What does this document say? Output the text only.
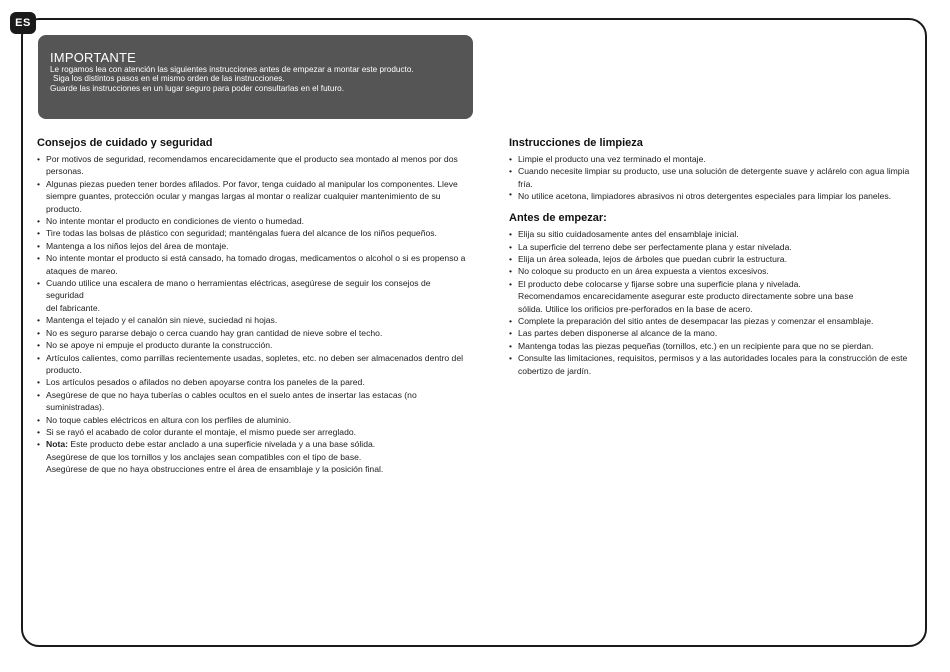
ES
IMPORTANTE

Le rogamos lea con atención las siguientes instrucciones antes de empezar a montar este producto.

Siga los distintos pasos en el mismo orden de las instrucciones.

Guarde las instrucciones en un lugar seguro para poder consultarlas en el futuro.

Consejos de cuidado y seguridad
• Por motivos de seguridad, recomendamos encarecidamente que el producto sea montado al menos por dos personas.
• Algunas piezas pueden tener bordes afilados. Por favor, tenga cuidado al manipular los componentes. Lleve siempre guantes, protección ocular y mangas largas al montar o realizar cualquier mantenimiento de su producto.
• No intente montar el producto en condiciones de viento o humedad.
• Tire todas las bolsas de plástico con seguridad; manténgalas fuera del alcance de los niños pequeños.
• Mantenga a los niños lejos del área de montaje.
• No intente montar el producto si está cansado, ha tomado drogas, medicamentos o alcohol o si es propenso a ataques de mareo.
• Cuando utilice una escalera de mano o herramientas eléctricas, asegúrese de seguir los consejos de
seguridad
del fabricante.
• Mantenga el tejado y el canalón sin nieve, suciedad ni hojas.
• No es seguro pararse debajo o cerca cuando hay gran cantidad de nieve sobre el techo.
• No se apoye ni empuje el producto durante la construcción.
• Artículos calientes, como parrillas recientemente usadas, sopletes, etc. no deben ser almacenados dentro del producto.
• Los artículos pesados o afilados no deben apoyarse contra los paneles de la pared.
• Asegúrese de que no haya tuberías o cables ocultos en el suelo antes de insertar las estacas (no suministradas).
• No toque cables eléctricos en altura con los perfiles de aluminio.
• Si se rayó el acabado de color durante el montaje, el mismo puede ser arreglado.
• Nota: Este producto debe estar anclado a una superficie nivelada y a una base sólida.
Asegúrese de que los tornillos y los anclajes sean compatibles con el tipo de base.
Asegúrese de que no haya obstrucciones entre el área de ensamblaje y la posición final.
Instrucciones de limpieza
• Limpie el producto una vez terminado el montaje.
• Cuando necesite limpiar su producto, use una solución de detergente suave y aclárelo con agua limpia fría.
• No utilice acetona, limpiadores abrasivos ni otros detergentes especiales para limpiar los paneles.
Antes de empezar:
• Elija su sitio cuidadosamente antes del ensamblaje inicial.
• La superficie del terreno debe ser perfectamente plana y estar nivelada.
• Elija un área soleada, lejos de árboles que puedan cubrir la estructura.
• No coloque su producto en un área expuesta a vientos excesivos.
• El producto debe colocarse y fijarse sobre una superficie plana y nivelada.
Recomendamos encarecidamente asegurar este producto directamente sobre una base
sólida. Utilice los orificios pre-perforados en la base de acero.
• Complete la preparación del sitio antes de desempacar las piezas y comenzar el ensamblaje.
• Las partes deben disponerse al alcance de la mano.
• Mantenga todas las piezas pequeñas (tornillos, etc.) en un recipiente para que no se pierdan.
• Consulte las limitaciones, requisitos, permisos y a las autoridades locales para la construcción de este cobertizo de jardín.
